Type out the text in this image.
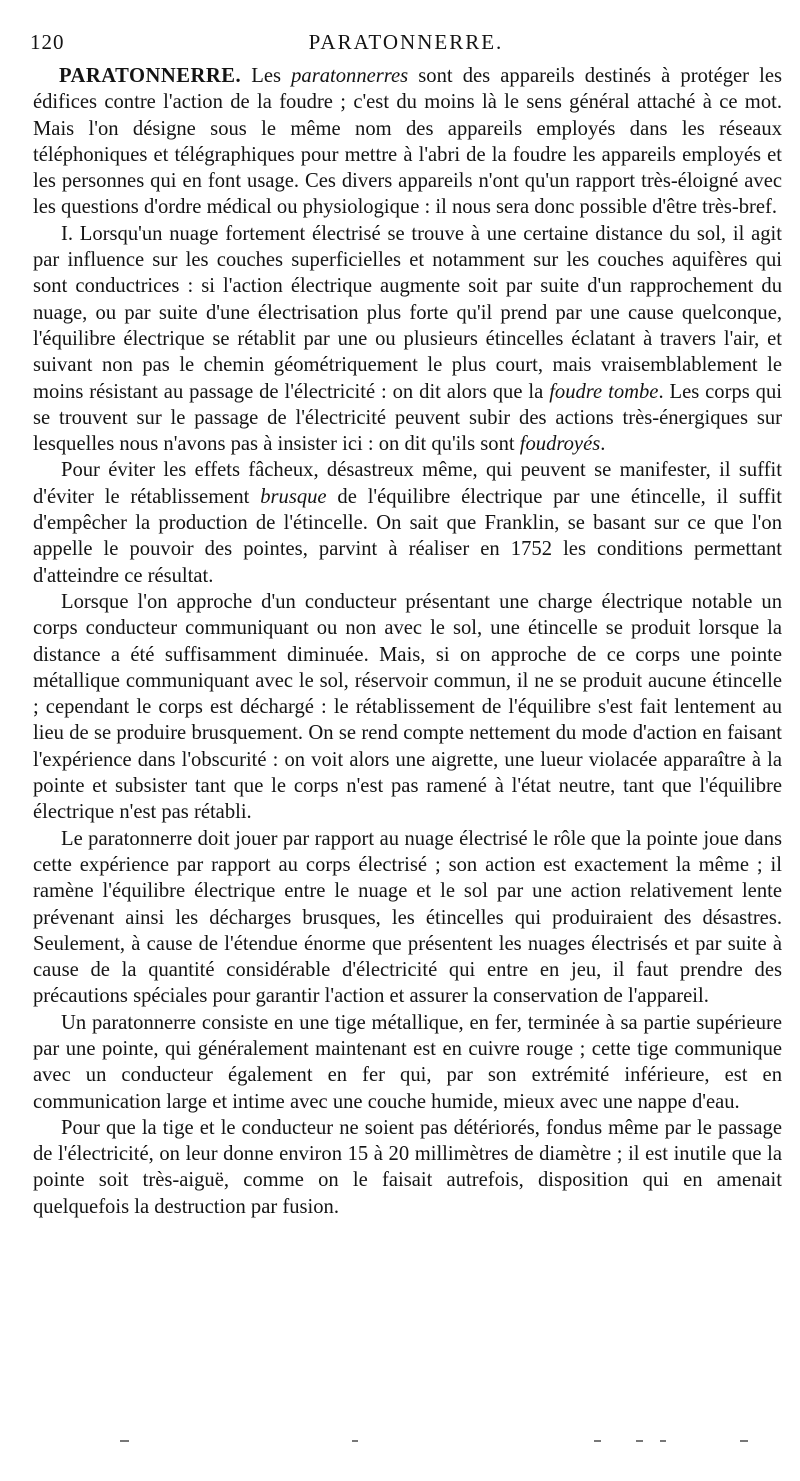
120	PARATONNERRE.

PARATONNERRE. Les paratonnerres sont des appareils destinés à protéger les édifices contre l'action de la foudre ; c'est du moins là le sens général attaché à ce mot. Mais l'on désigne sous le même nom des appareils employés dans les réseaux téléphoniques et télégraphiques pour mettre à l'abri de la foudre les appareils employés et les personnes qui en font usage. Ces divers appareils n'ont qu'un rapport très-éloigné avec les questions d'ordre médical ou physiologique : il nous sera donc possible d'être très-bref.

I. Lorsqu'un nuage fortement électrisé se trouve à une certaine distance du sol, il agit par influence sur les couches superficielles et notamment sur les couches aquifères qui sont conductrices : si l'action électrique augmente soit par suite d'un rapprochement du nuage, ou par suite d'une électrisation plus forte qu'il prend par une cause quelconque, l'équilibre électrique se rétablit par une ou plusieurs étincelles éclatant à travers l'air, et suivant non pas le chemin géométriquement le plus court, mais vraisemblablement le moins résistant au passage de l'électricité : on dit alors que la foudre tombe. Les corps qui se trouvent sur le passage de l'électricité peuvent subir des actions très-énergiques sur lesquelles nous n'avons pas à insister ici : on dit qu'ils sont foudroyés.

Pour éviter les effets fâcheux, désastreux même, qui peuvent se manifester, il suffit d'éviter le rétablissement brusque de l'équilibre électrique par une étincelle, il suffit d'empêcher la production de l'étincelle. On sait que Franklin, se basant sur ce que l'on appelle le pouvoir des pointes, parvint à réaliser en 1752 les conditions permettant d'atteindre ce résultat.

Lorsque l'on approche d'un conducteur présentant une charge électrique notable un corps conducteur communiquant ou non avec le sol, une étincelle se produit lorsque la distance a été suffisamment diminuée. Mais, si on approche de ce corps une pointe métallique communiquant avec le sol, réservoir commun, il ne se produit aucune étincelle ; cependant le corps est déchargé : le rétablissement de l'équilibre s'est fait lentement au lieu de se produire brusquement. On se rend compte nettement du mode d'action en faisant l'expérience dans l'obscurité : on voit alors une aigrette, une lueur violacée apparaître à la pointe et subsister tant que le corps n'est pas ramené à l'état neutre, tant que l'équilibre électrique n'est pas rétabli.

Le paratonnerre doit jouer par rapport au nuage électrisé le rôle que la pointe joue dans cette expérience par rapport au corps électrisé ; son action est exactement la même ; il ramène l'équilibre électrique entre le nuage et le sol par une action relativement lente prévenant ainsi les décharges brusques, les étincelles qui produiraient des désastres. Seulement, à cause de l'étendue énorme que présentent les nuages électrisés et par suite à cause de la quantité considérable d'électricité qui entre en jeu, il faut prendre des précautions spéciales pour garantir l'action et assurer la conservation de l'appareil.

Un paratonnerre consiste en une tige métallique, en fer, terminée à sa partie supérieure par une pointe, qui généralement maintenant est en cuivre rouge ; cette tige communique avec un conducteur également en fer qui, par son extrémité inférieure, est en communication large et intime avec une couche humide, mieux avec une nappe d'eau.

Pour que la tige et le conducteur ne soient pas détériorés, fondus même par le passage de l'électricité, on leur donne environ 15 à 20 millimètres de diamètre ; il est inutile que la pointe soit très-aiguë, comme on le faisait autrefois, disposition qui en amenait quelquefois la destruction par fusion.
